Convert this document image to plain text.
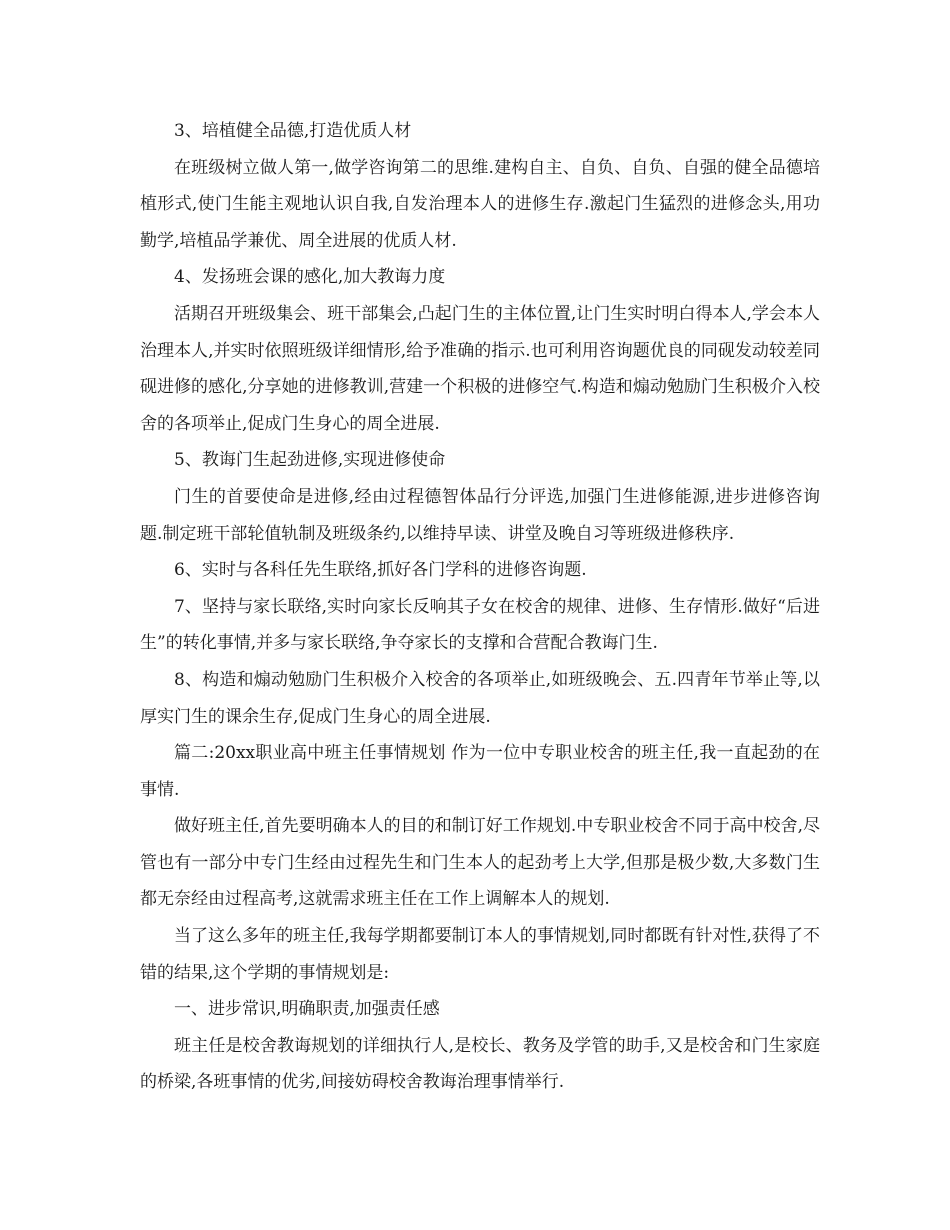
3、培植健全品德,打造优质人材

在班级树立做人第一,做学咨询第二的思维.建构自主、自负、自负、自强的健全品德培植形式,使门生能主观地认识自我,自发治理本人的进修生存.激起门生猛烈的进修念头,用功勤学,培植品学兼优、周全进展的优质人材.

4、发扬班会课的感化,加大教诲力度

活期召开班级集会、班干部集会,凸起门生的主体位置,让门生实时明白得本人,学会本人治理本人,并实时依照班级详细情形,给予准确的指示.也可利用咨询题优良的同砚发动较差同砚进修的感化,分享她的进修教训,营建一个积极的进修空气.构造和煽动勉励门生积极介入校舍的各项举止,促成门生身心的周全进展.

5、教诲门生起劲进修,实现进修使命

门生的首要使命是进修,经由过程德智体品行分评选,加强门生进修能源,进步进修咨询题.制定班干部轮值轨制及班级条约,以维持早读、讲堂及晚自习等班级进修秩序.

6、实时与各科任先生联络,抓好各门学科的进修咨询题.

7、坚持与家长联络,实时向家长反响其子女在校舍的规律、进修、生存情形.做好“后进生”的转化事情,并多与家长联络,争夺家长的支撑和合营配合教诲门生.

8、构造和煽动勉励门生积极介入校舍的各项举止,如班级晚会、五.四青年节举止等,以厚实门生的课余生存,促成门生身心的周全进展.

篇二:20xx职业高中班主任事情规划 作为一位中专职业校舍的班主任,我一直起劲的在事情.

做好班主任,首先要明确本人的目的和制订好工作规划.中专职业校舍不同于高中校舍,尽管也有一部分中专门生经由过程先生和门生本人的起劲考上大学,但那是极少数,大多数门生都无奈经由过程高考,这就需求班主任在工作上调解本人的规划.

当了这么多年的班主任,我每学期都要制订本人的事情规划,同时都既有针对性,获得了不错的结果,这个学期的事情规划是:

一、进步常识,明确职责,加强责任感

班主任是校舍教诲规划的详细执行人,是校长、教务及学管的助手,又是校舍和门生家庭的桥梁,各班事情的优劣,间接妨碍校舍教诲治理事情举行.
